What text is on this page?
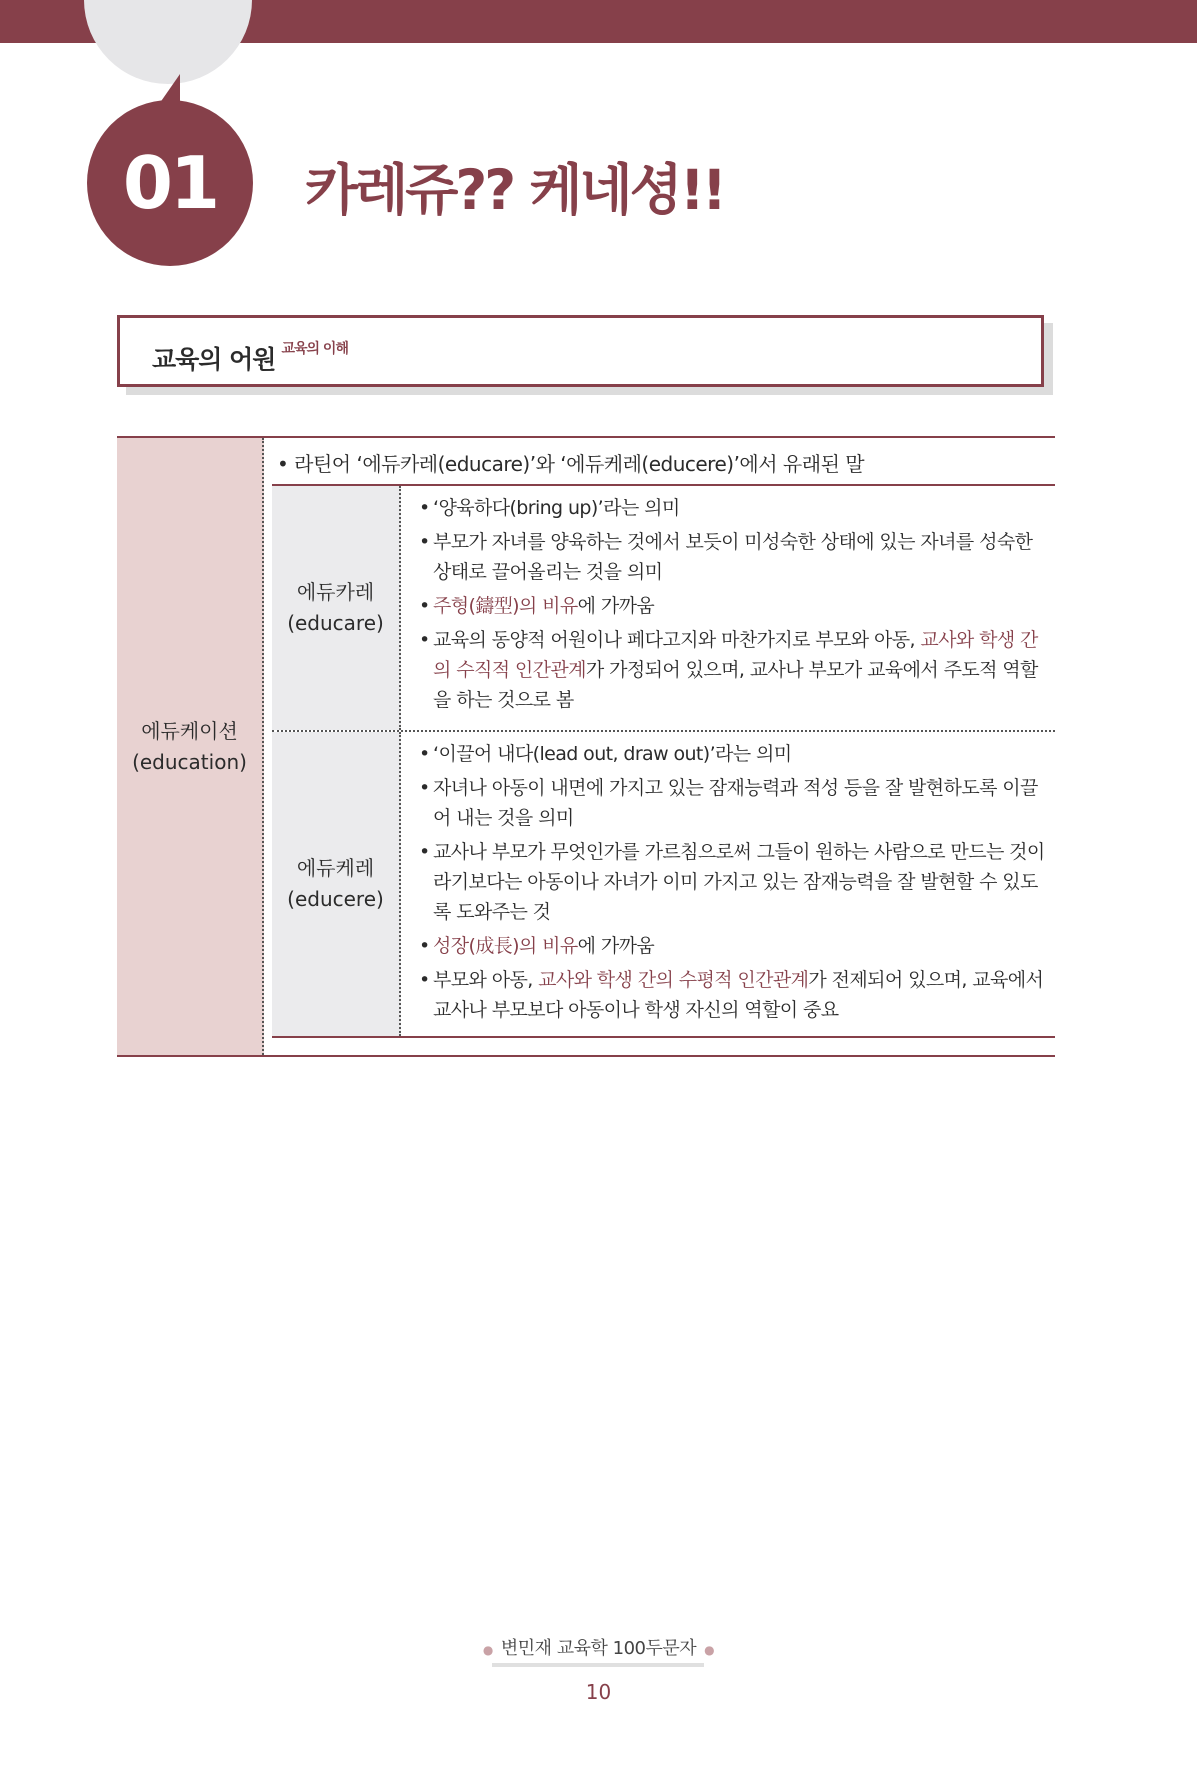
01	카레쥬?? 케네셩!!
교육의 어원 $^{교육의 이해}$
에듀케이션
(education)
• 라틴어 ‘에듀카레(educare)’와 ‘에듀케레(educere)’에서 유래된 말
에듀카레
(educare)
• ‘양육하다(bring up)’라는 의미
• 부모가 자녀를 양육하는 것에서 보듯이 미성숙한 상태에 있는 자녀를 성숙한 상태로 끌어올리는 것을 의미
• 주형(鑄型)의 비유에 가까움
• 교육의 동양적 어원이나 페다고지와 마찬가지로 부모와 아동, 교사와 학생 간의 수직적 인간관계가 가정되어 있으며, 교사나 부모가 교육에서 주도적 역할을 하는 것으로 봄
에듀케레
(educere)
• ‘이끌어 내다(lead out, draw out)’라는 의미
• 자녀나 아동이 내면에 가지고 있는 잠재능력과 적성 등을 잘 발현하도록 이끌어 내는 것을 의미
• 교사나 부모가 무엇인가를 가르침으로써 그들이 원하는 사람으로 만드는 것이라기보다는 아동이나 자녀가 이미 가지고 있는 잠재능력을 잘 발현할 수 있도록 도와주는 것
• 성장(成長)의 비유에 가까움
• 부모와 아동, 교사와 학생 간의 수평적 인간관계가 전제되어 있으며, 교육에서 교사나 부모보다 아동이나 학생 자신의 역할이 중요
● 변민재 교육학 100두문자 ●
10
